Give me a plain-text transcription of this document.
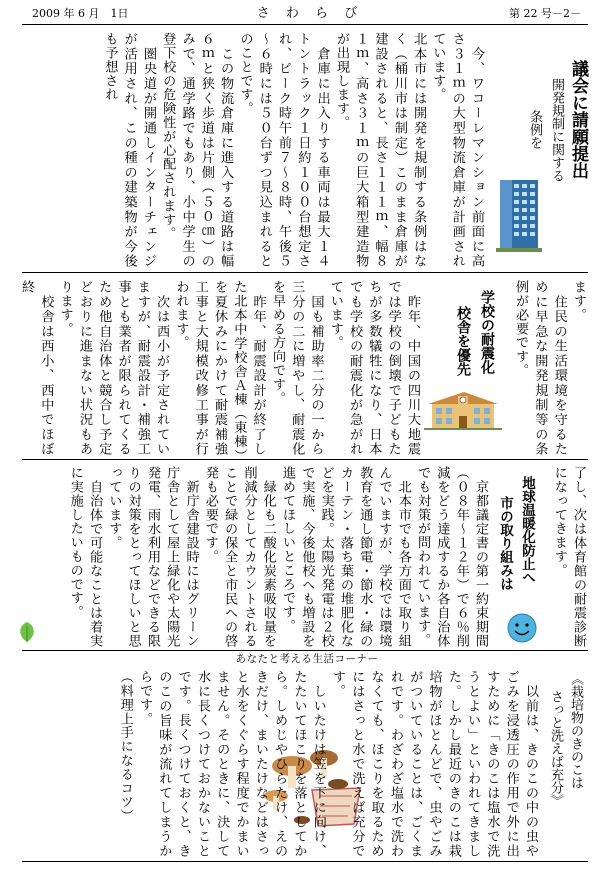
2009 年 6 月　1日	さ わ ら び	第 22 号－2－
議会に請願提出
開発規制に関する
条例を
　今、ワコーレマンション前面に高さ３１ｍの大型物流倉庫が計画されています。
北本市には開発を規制する条例はなく（桶川市は制定）このまま倉庫が建設されると、長さ１１１ｍ、幅８１ｍ、高さ３１ｍの巨大箱型建造物が出現します。
　倉庫に出入りする車両は最大１４トントラック１日約１００台想定され、ピーク時午前７～８時、午後５～６時には５０台ずつ見込まれるとのことです。
　この物流倉庫に進入する道路は幅６ｍと狭く歩道は片側（５０㎝）のみで、通学路でもあり、小中学生の登下校の危険性が心配されます。
　圏央道が開通しインターチェンジが活用され、この種の建築物が今後も予想され
ます。
　住民の生活環境を守るために早急な開発規制等の条例が必要です。
学校の耐震化
校舎を優先
　昨年、中国の四川大地震では学校の倒壊で子どもたちが多数犠牲になり、日本でも学校の耐震化が急がれています。
　国も補助率二分の一から三分の二に増やし、耐震化を早める方向です。
　昨年、耐震設計が終了した北本中学校舎Ａ棟（東棟）を夏休みにかけて耐震補強工事と大規模改修工事が行われます。
　次は西小が予定されていますが、耐震設計・補強工事とも業者が限られてくるため他自治体と競合し予定どおりに進まない状況もあります。
　校舎は西小、西中でほぼ終
了し、次は体育館の耐震診断になってきます。
地球温暖化防止へ
市の取り組みは
　京都議定書の第一約束期間（０８年～１２年）で６％削減をどう達成するか各自治体でも対策が問われています。
　北本市でも各方面で取り組んでいますが、学校では環境教育を通し節電・節水・緑のカーテン・落ち葉の堆肥化などを実践。太陽光発電は２校で実施、今後他校へも増設を進めてほしいところです。
　緑化も二酸化炭素吸収量を削減分としてカウントされることで緑の保全と市民への啓発も必要です。
　新庁舎建設時にはグリーン庁舎として屋上緑化や太陽光発電、雨水利用などできる限りの対策をとってほしいと思っています。
　自治体で可能なことは着実に実施したいものです。
あなたと考える生活コーナー
《栽培物のきのこは
さっと洗えば充分》
　以前は、きのこの中の虫やごみを浸透圧の作用で外に出すために「きのこは塩水で洗うとよい」といわれてきました。しかし最近のきのこは栽培物がほとんどで、虫やごみがついていることは、ごくまれです。わざわざ塩水で洗わなくても、ほこりを取るためにはさっと水で洗えば充分です。
　しいたけは笠を下に向け、たたいてほこりを落としてから。しめじやひらたけ、えのきだけ、まいたけなどはさっと水をくぐらす程度でかまいません。そのときに、決して水に長くつけておかないことです。長くつけておくと、きのこの旨味が流れてしまうからです。
（料理上手になるコツ）
